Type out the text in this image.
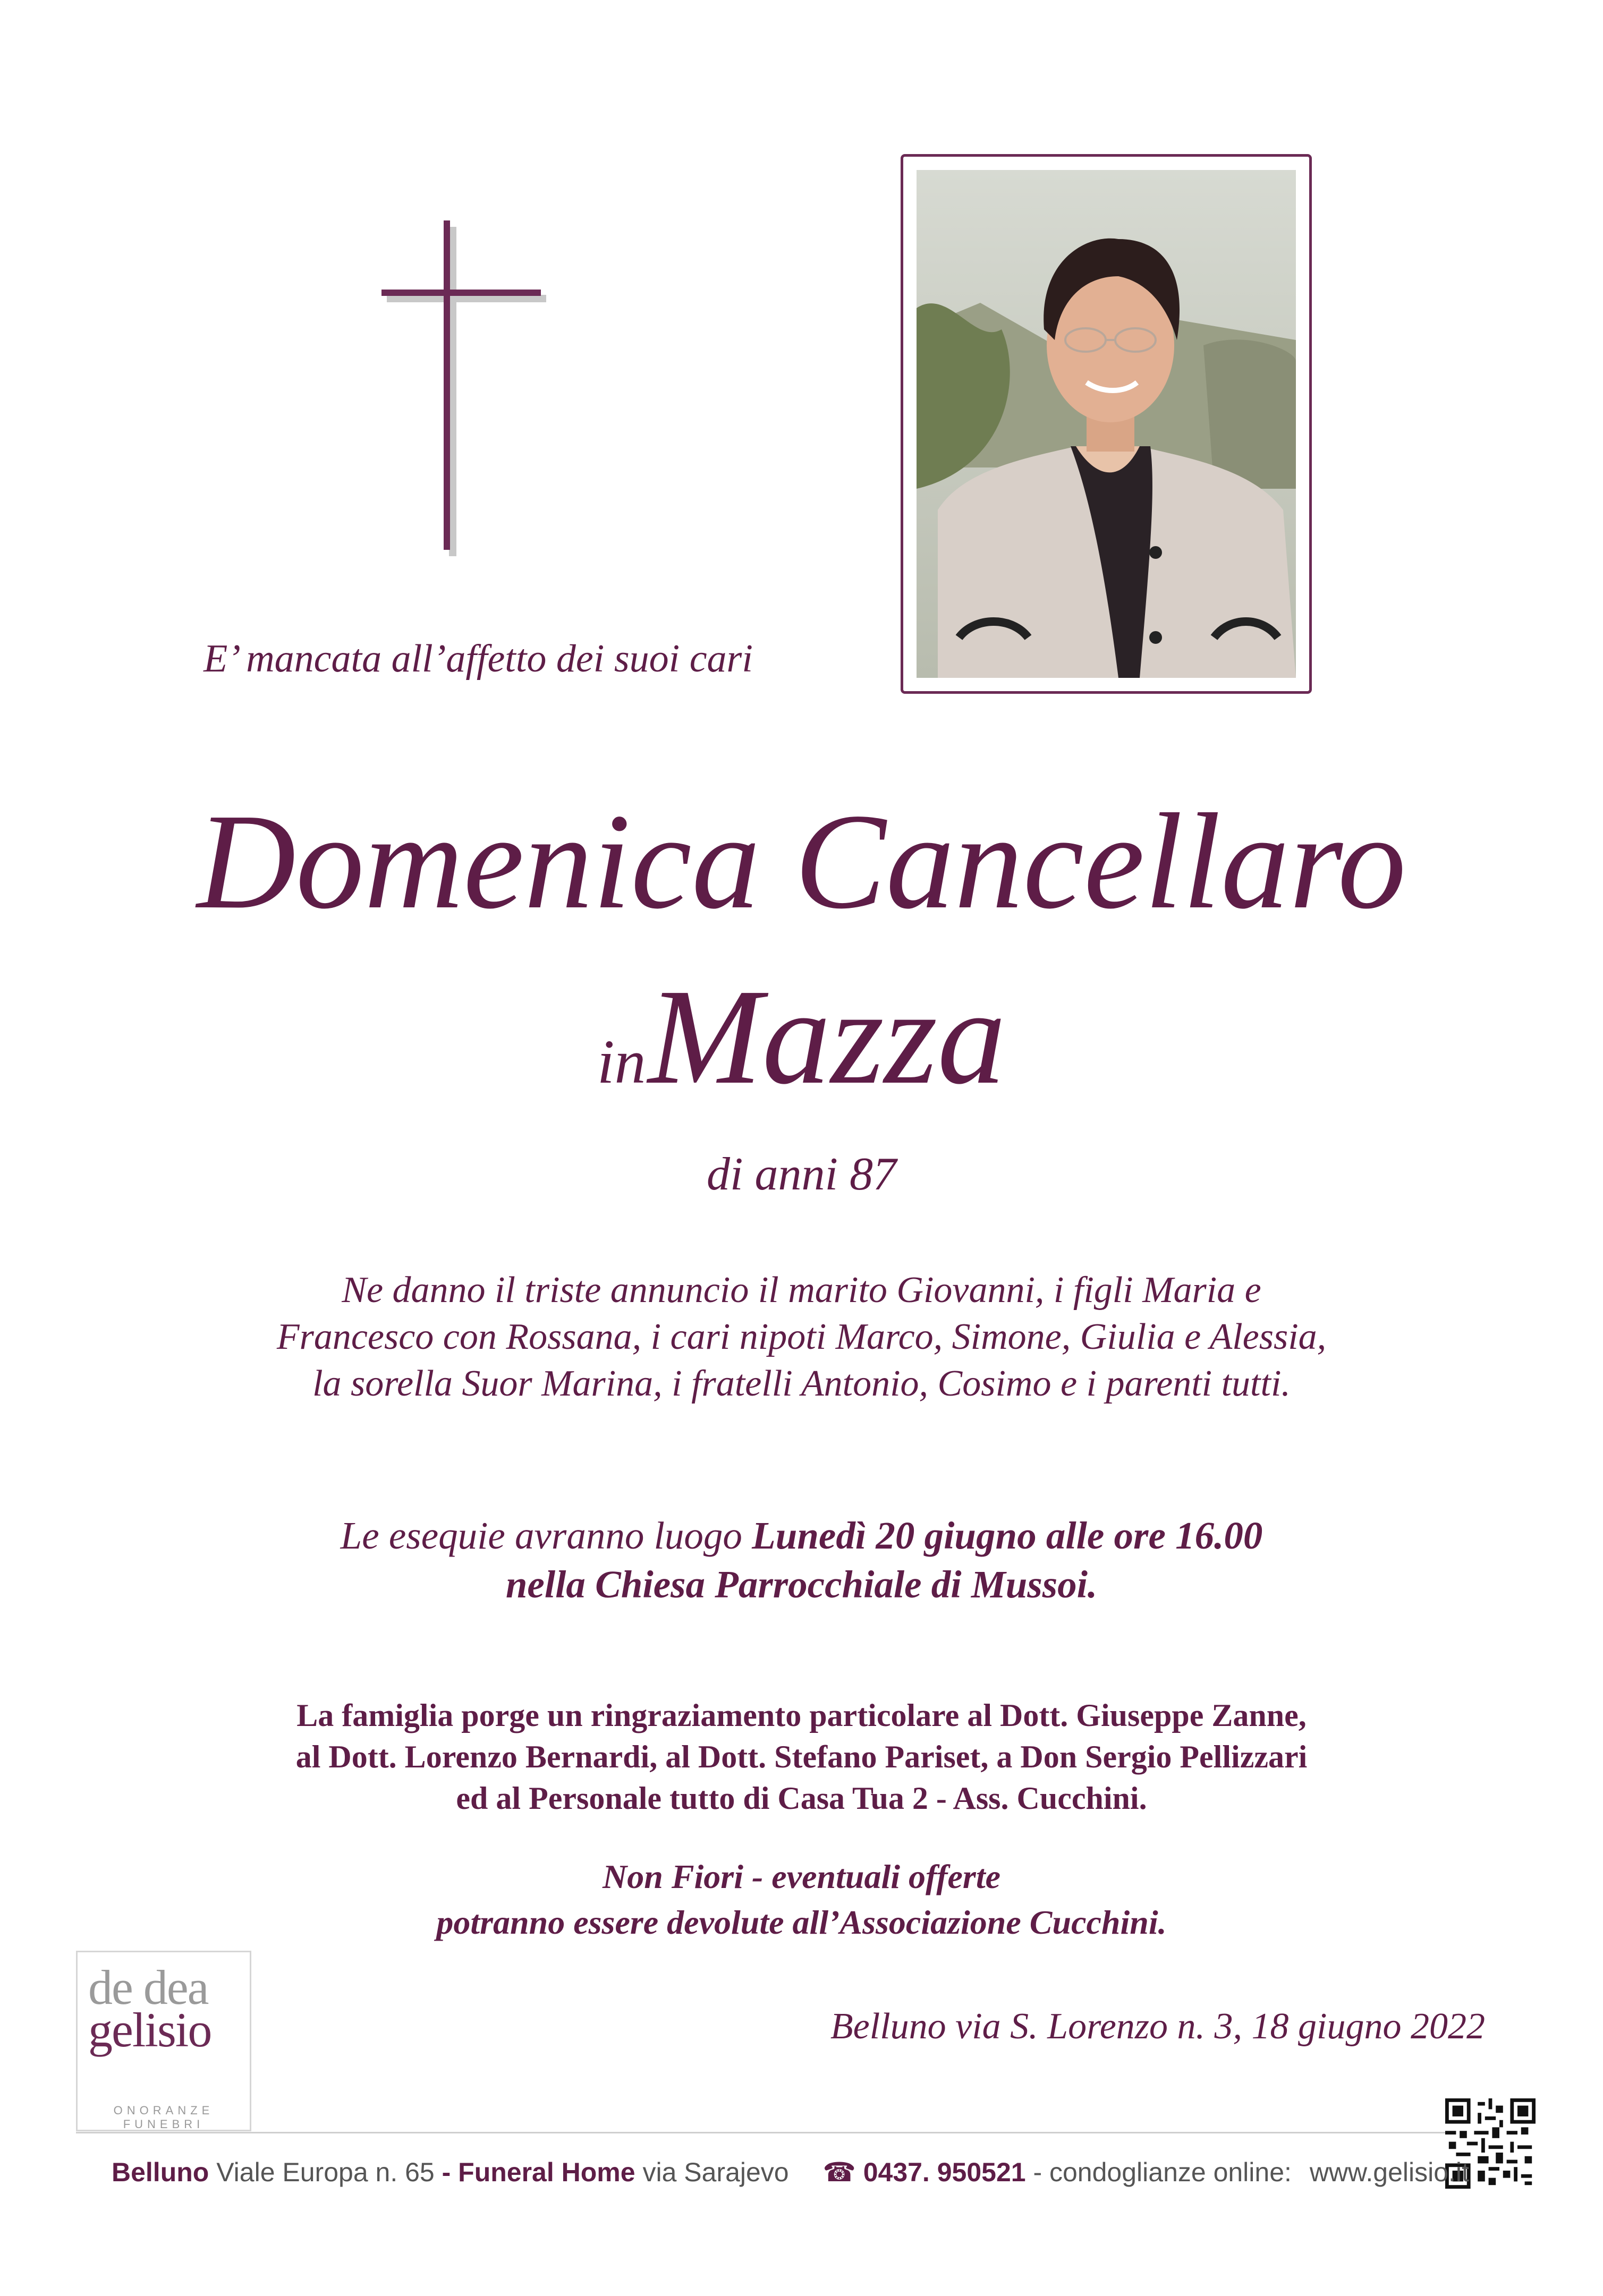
E’ mancata all’affetto dei suoi cari
Domenica Cancellaro
in Mazza
di anni 87
Ne danno il triste annuncio il marito Giovanni, i figli Maria e
Francesco con Rossana, i cari nipoti Marco, Simone, Giulia e Alessia,
la sorella Suor Marina, i fratelli Antonio, Cosimo e i parenti tutti.
Le esequie avranno luogo Lunedì 20 giugno alle ore 16.00
nella Chiesa Parrocchiale di Mussoi.
La famiglia porge un ringraziamento particolare al Dott. Giuseppe Zanne,
al Dott. Lorenzo Bernardi, al Dott. Stefano Pariset, a Don Sergio Pellizzari
ed al Personale tutto di Casa Tua 2 - Ass. Cucchini.
Non Fiori - eventuali offerte
potranno essere devolute all’Associazione Cucchini.
Belluno via S. Lorenzo n. 3, 18 giugno 2022
de dea
gelisio
ONORANZE FUNEBRI
Belluno Viale Europa n. 65 - Funeral Home via Sarajevo ☎ 0437. 950521 - condoglianze online: www.gelisio.it
